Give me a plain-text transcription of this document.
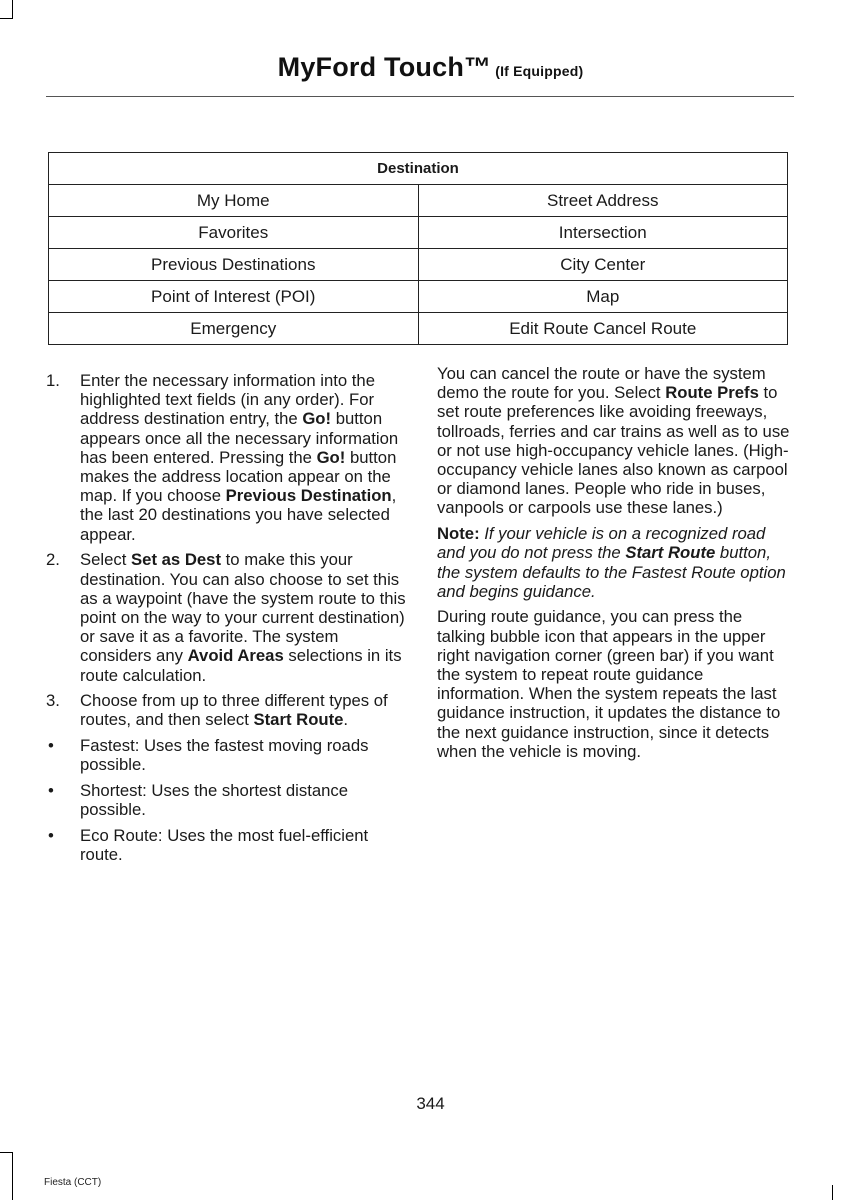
MyFord Touch™ (If Equipped)
Destination	
My Home	Street Address
Favorites	Intersection
Previous Destinations	City Center
Point of Interest (POI)	Map
Emergency	Edit Route Cancel Route
1. Enter the necessary information into the highlighted text fields (in any order). For address destination entry, the Go! button appears once all the necessary information has been entered. Pressing the Go! button makes the address location appear on the map. If you choose Previous Destination, the last 20 destinations you have selected appear.
2. Select Set as Dest to make this your destination. You can also choose to set this as a waypoint (have the system route to this point on the way to your current destination) or save it as a favorite. The system considers any Avoid Areas selections in its route calculation.
3. Choose from up to three different types of routes, and then select Start Route.
• Fastest: Uses the fastest moving roads possible.
• Shortest: Uses the shortest distance possible.
• Eco Route: Uses the most fuel-efficient route.

You can cancel the route or have the system demo the route for you. Select Route Prefs to set route preferences like avoiding freeways, tollroads, ferries and car trains as well as to use or not use high-occupancy vehicle lanes. (High-occupancy vehicle lanes also known as carpool or diamond lanes. People who ride in buses, vanpools or carpools use these lanes.)

Note: If your vehicle is on a recognized road and you do not press the Start Route button, the system defaults to the Fastest Route option and begins guidance.

During route guidance, you can press the talking bubble icon that appears in the upper right navigation corner (green bar) if you want the system to repeat route guidance information. When the system repeats the last guidance instruction, it updates the distance to the next guidance instruction, since it detects when the vehicle is moving.

344
Fiesta (CCT)
